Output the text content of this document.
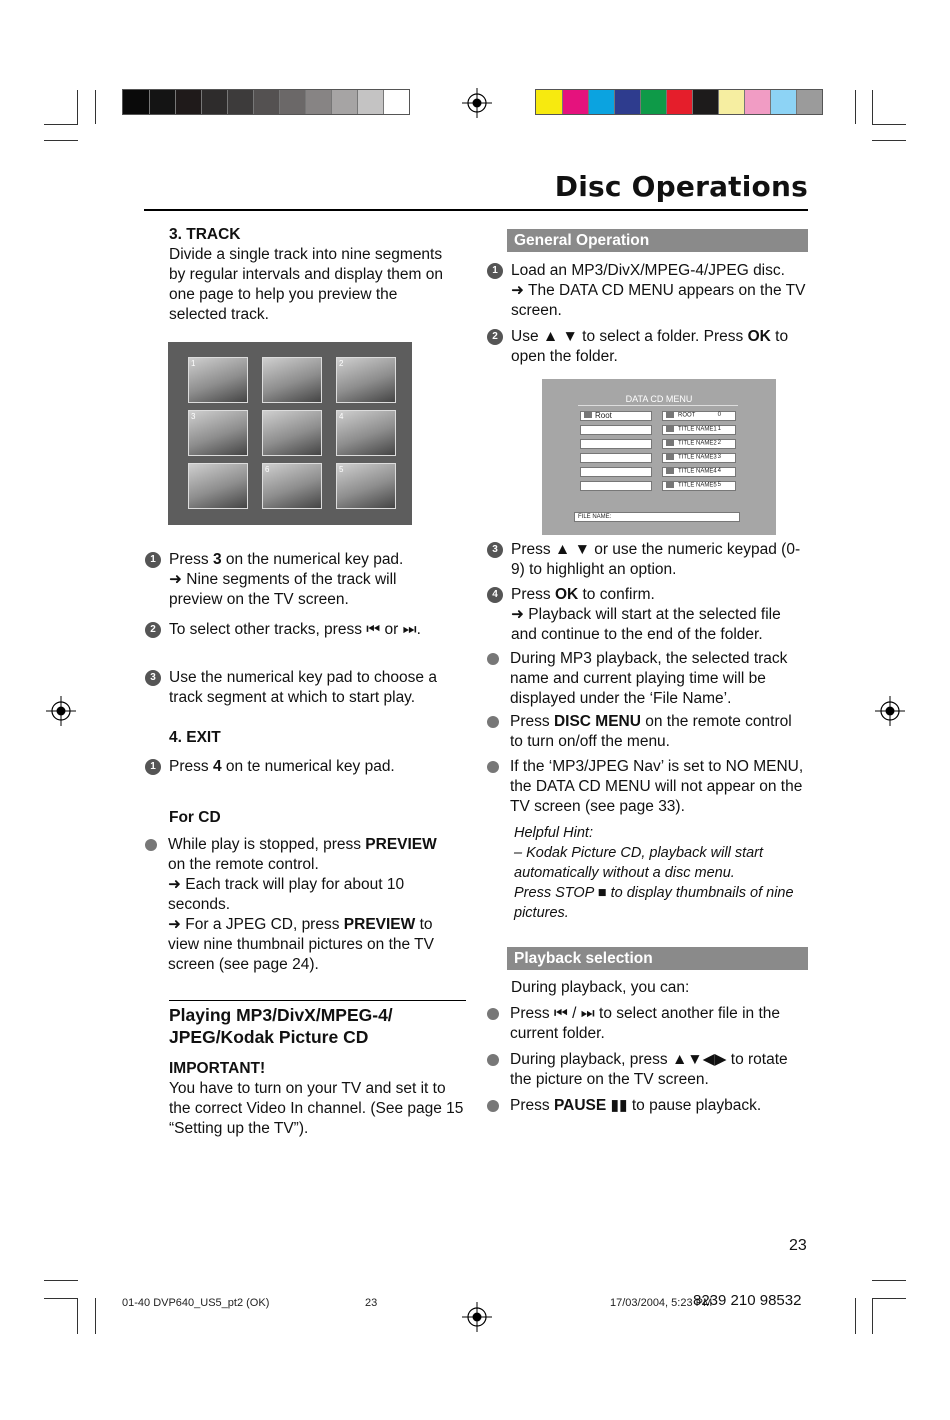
Disc Operations
3. TRACK
Divide a single track into nine segments by regular intervals and display them on one page to help you preview the selected track.
1	2
3	4
6	5
1 Press 3 on the numerical key pad.
➜ Nine segments of the track will preview on the TV screen.
2 To select other tracks, press ⏮ or ⏭.
3 Use the numerical key pad to choose a track segment at which to start play.
4. EXIT
1 Press 4 on te numerical key pad.
For CD
While play is stopped, press PREVIEW on the remote control.
➜ Each track will play for about 10 seconds.
➜ For a JPEG CD, press PREVIEW to view nine thumbnail pictures on the TV screen (see page 24).
Playing MP3/DivX/MPEG-4/ JPEG/Kodak Picture CD
IMPORTANT!
You have to turn on your TV and set it to the correct Video In channel. (See page 15 “Setting up the TV”).
General Operation
1 Load an MP3/DivX/MPEG-4/JPEG disc.
➜ The DATA CD MENU appears on the TV screen.
2 Use ▲ ▼ to select a folder. Press OK to open the folder.
DATA CD MENU
Root	ROOT	0
TITLE NAME1 1
TITLE NAME2 2
TITLE NAME3 3
TITLE NAME4 4
TITLE NAME5 5
FILE NAME:
3 Press ▲ ▼ or use the numeric keypad (0-9) to highlight an option.
4 Press OK to confirm.
➜ Playback will start at the selected file and continue to the end of the folder.
During MP3 playback, the selected track name and current playing time will be displayed under the ‘File Name’.
Press DISC MENU on the remote control to turn on/off the menu.
If the ‘MP3/JPEG Nav’ is set to NO MENU, the DATA CD MENU will not appear on the TV screen (see page 33).
Helpful Hint:
– Kodak Picture CD, playback will start automatically without a disc menu.
Press STOP ■ to display thumbnails of nine pictures.
Playback selection
During playback, you can:
Press ⏮ / ⏭ to select another file in the current folder.
During playback, press ▲▼◀▶ to rotate the picture on the TV screen.
Press PAUSE ▮▮ to pause playback.
23
01-40 DVP640_US5_pt2 (OK)	23	17/03/2004, 5:23 PM
8239 210 98532
